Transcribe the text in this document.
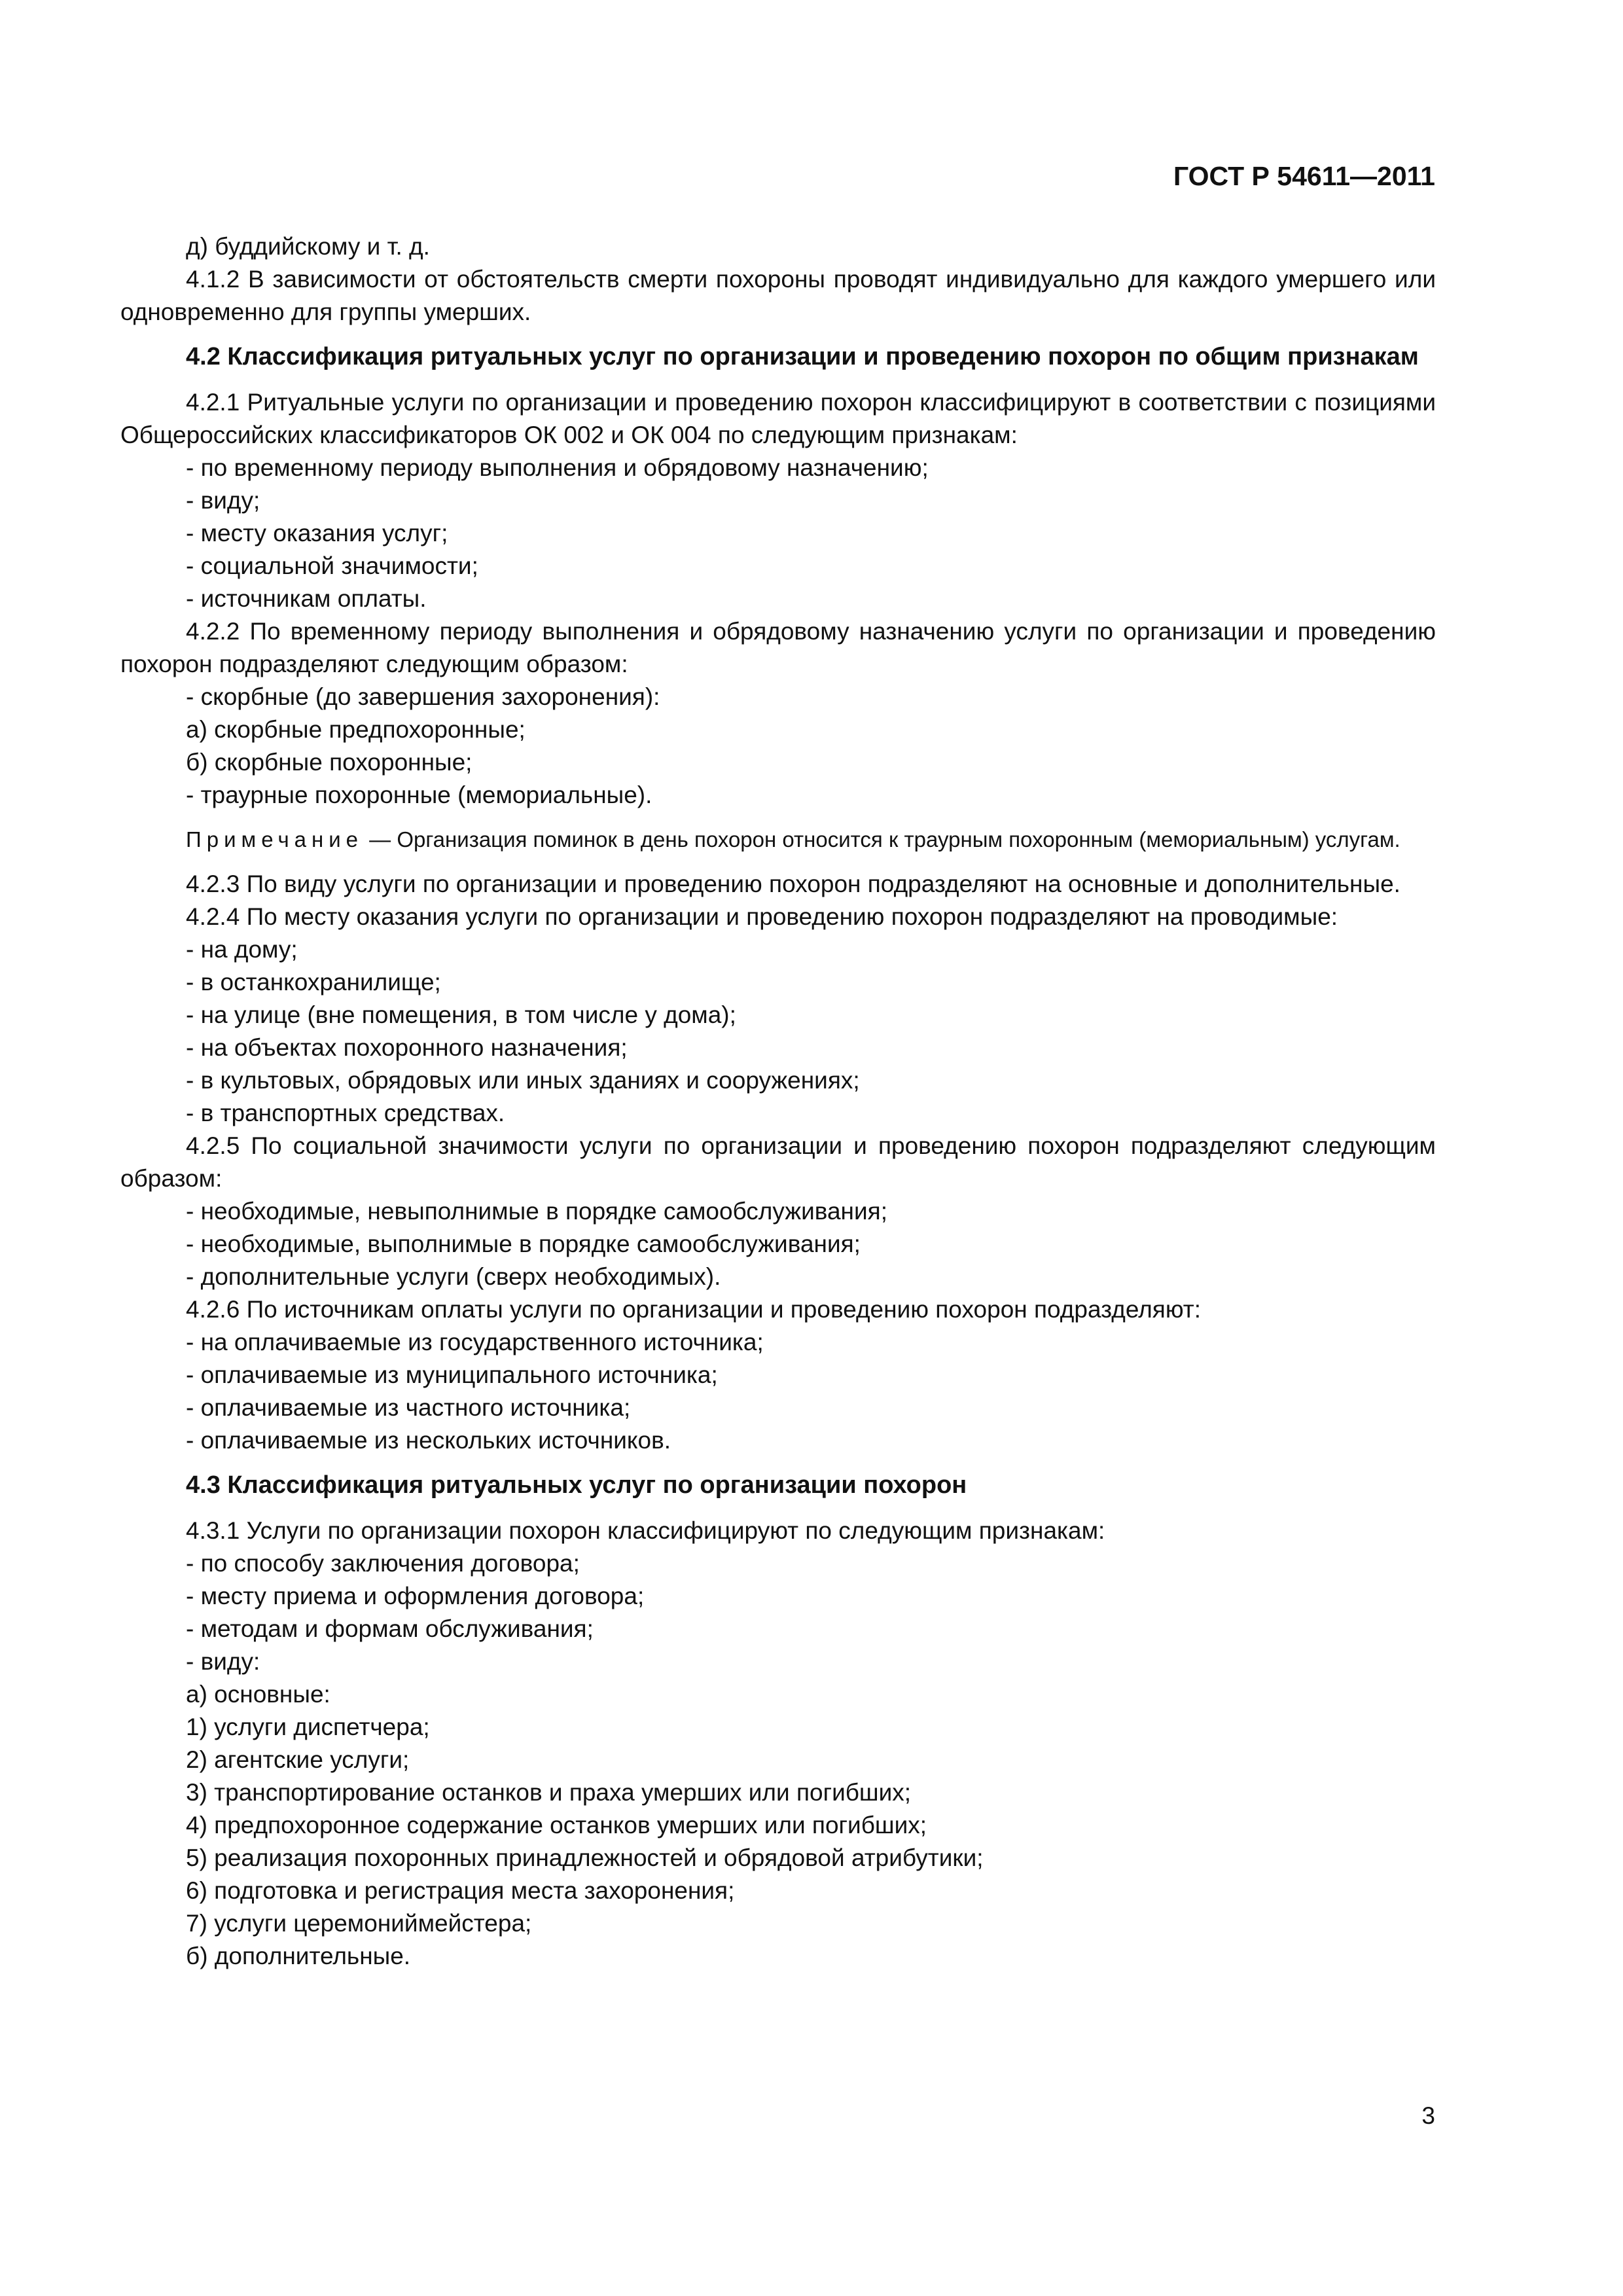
ГОСТ Р 54611—2011
д) буддийскому и т. д.
4.1.2 В зависимости от обстоятельств смерти похороны проводят индивидуально для каждого умершего или одновременно для группы умерших.
4.2 Классификация ритуальных услуг по организации и проведению похорон по общим признакам
4.2.1 Ритуальные услуги по организации и проведению похорон классифицируют в соответствии с позициями Общероссийских классификаторов ОК 002 и ОК 004 по следующим признакам:
- по временному периоду выполнения и обрядовому назначению;
- виду;
- месту оказания услуг;
- социальной значимости;
- источникам оплаты.
4.2.2 По временному периоду выполнения и обрядовому назначению услуги по организации и проведению похорон подразделяют следующим образом:
- скорбные (до завершения захоронения):
а) скорбные предпохоронные;
б) скорбные похоронные;
- траурные похоронные (мемориальные).
Примечание — Организация поминок в день похорон относится к траурным похоронным (мемориальным) услугам.
4.2.3 По виду услуги по организации и проведению похорон подразделяют на основные и дополнительные.
4.2.4 По месту оказания услуги по организации и проведению похорон подразделяют на проводимые:
- на дому;
- в останкохранилище;
- на улице (вне помещения, в том числе у дома);
- на объектах похоронного назначения;
- в культовых, обрядовых или иных зданиях и сооружениях;
- в транспортных средствах.
4.2.5 По социальной значимости услуги по организации и проведению похорон подразделяют следующим образом:
- необходимые, невыполнимые в порядке самообслуживания;
- необходимые, выполнимые в порядке самообслуживания;
- дополнительные услуги (сверх необходимых).
4.2.6 По источникам оплаты услуги по организации и проведению похорон подразделяют:
- на оплачиваемые из государственного источника;
- оплачиваемые из муниципального источника;
- оплачиваемые из частного источника;
- оплачиваемые из нескольких источников.
4.3 Классификация ритуальных услуг по организации похорон
4.3.1 Услуги по организации похорон классифицируют по следующим признакам:
- по способу заключения договора;
- месту приема и оформления договора;
- методам и формам обслуживания;
- виду:
а) основные:
1) услуги диспетчера;
2) агентские услуги;
3) транспортирование останков и праха умерших или погибших;
4) предпохоронное содержание останков умерших или погибших;
5) реализация похоронных принадлежностей и обрядовой атрибутики;
6) подготовка и регистрация места захоронения;
7) услуги церемониймейстера;
б) дополнительные.
3
